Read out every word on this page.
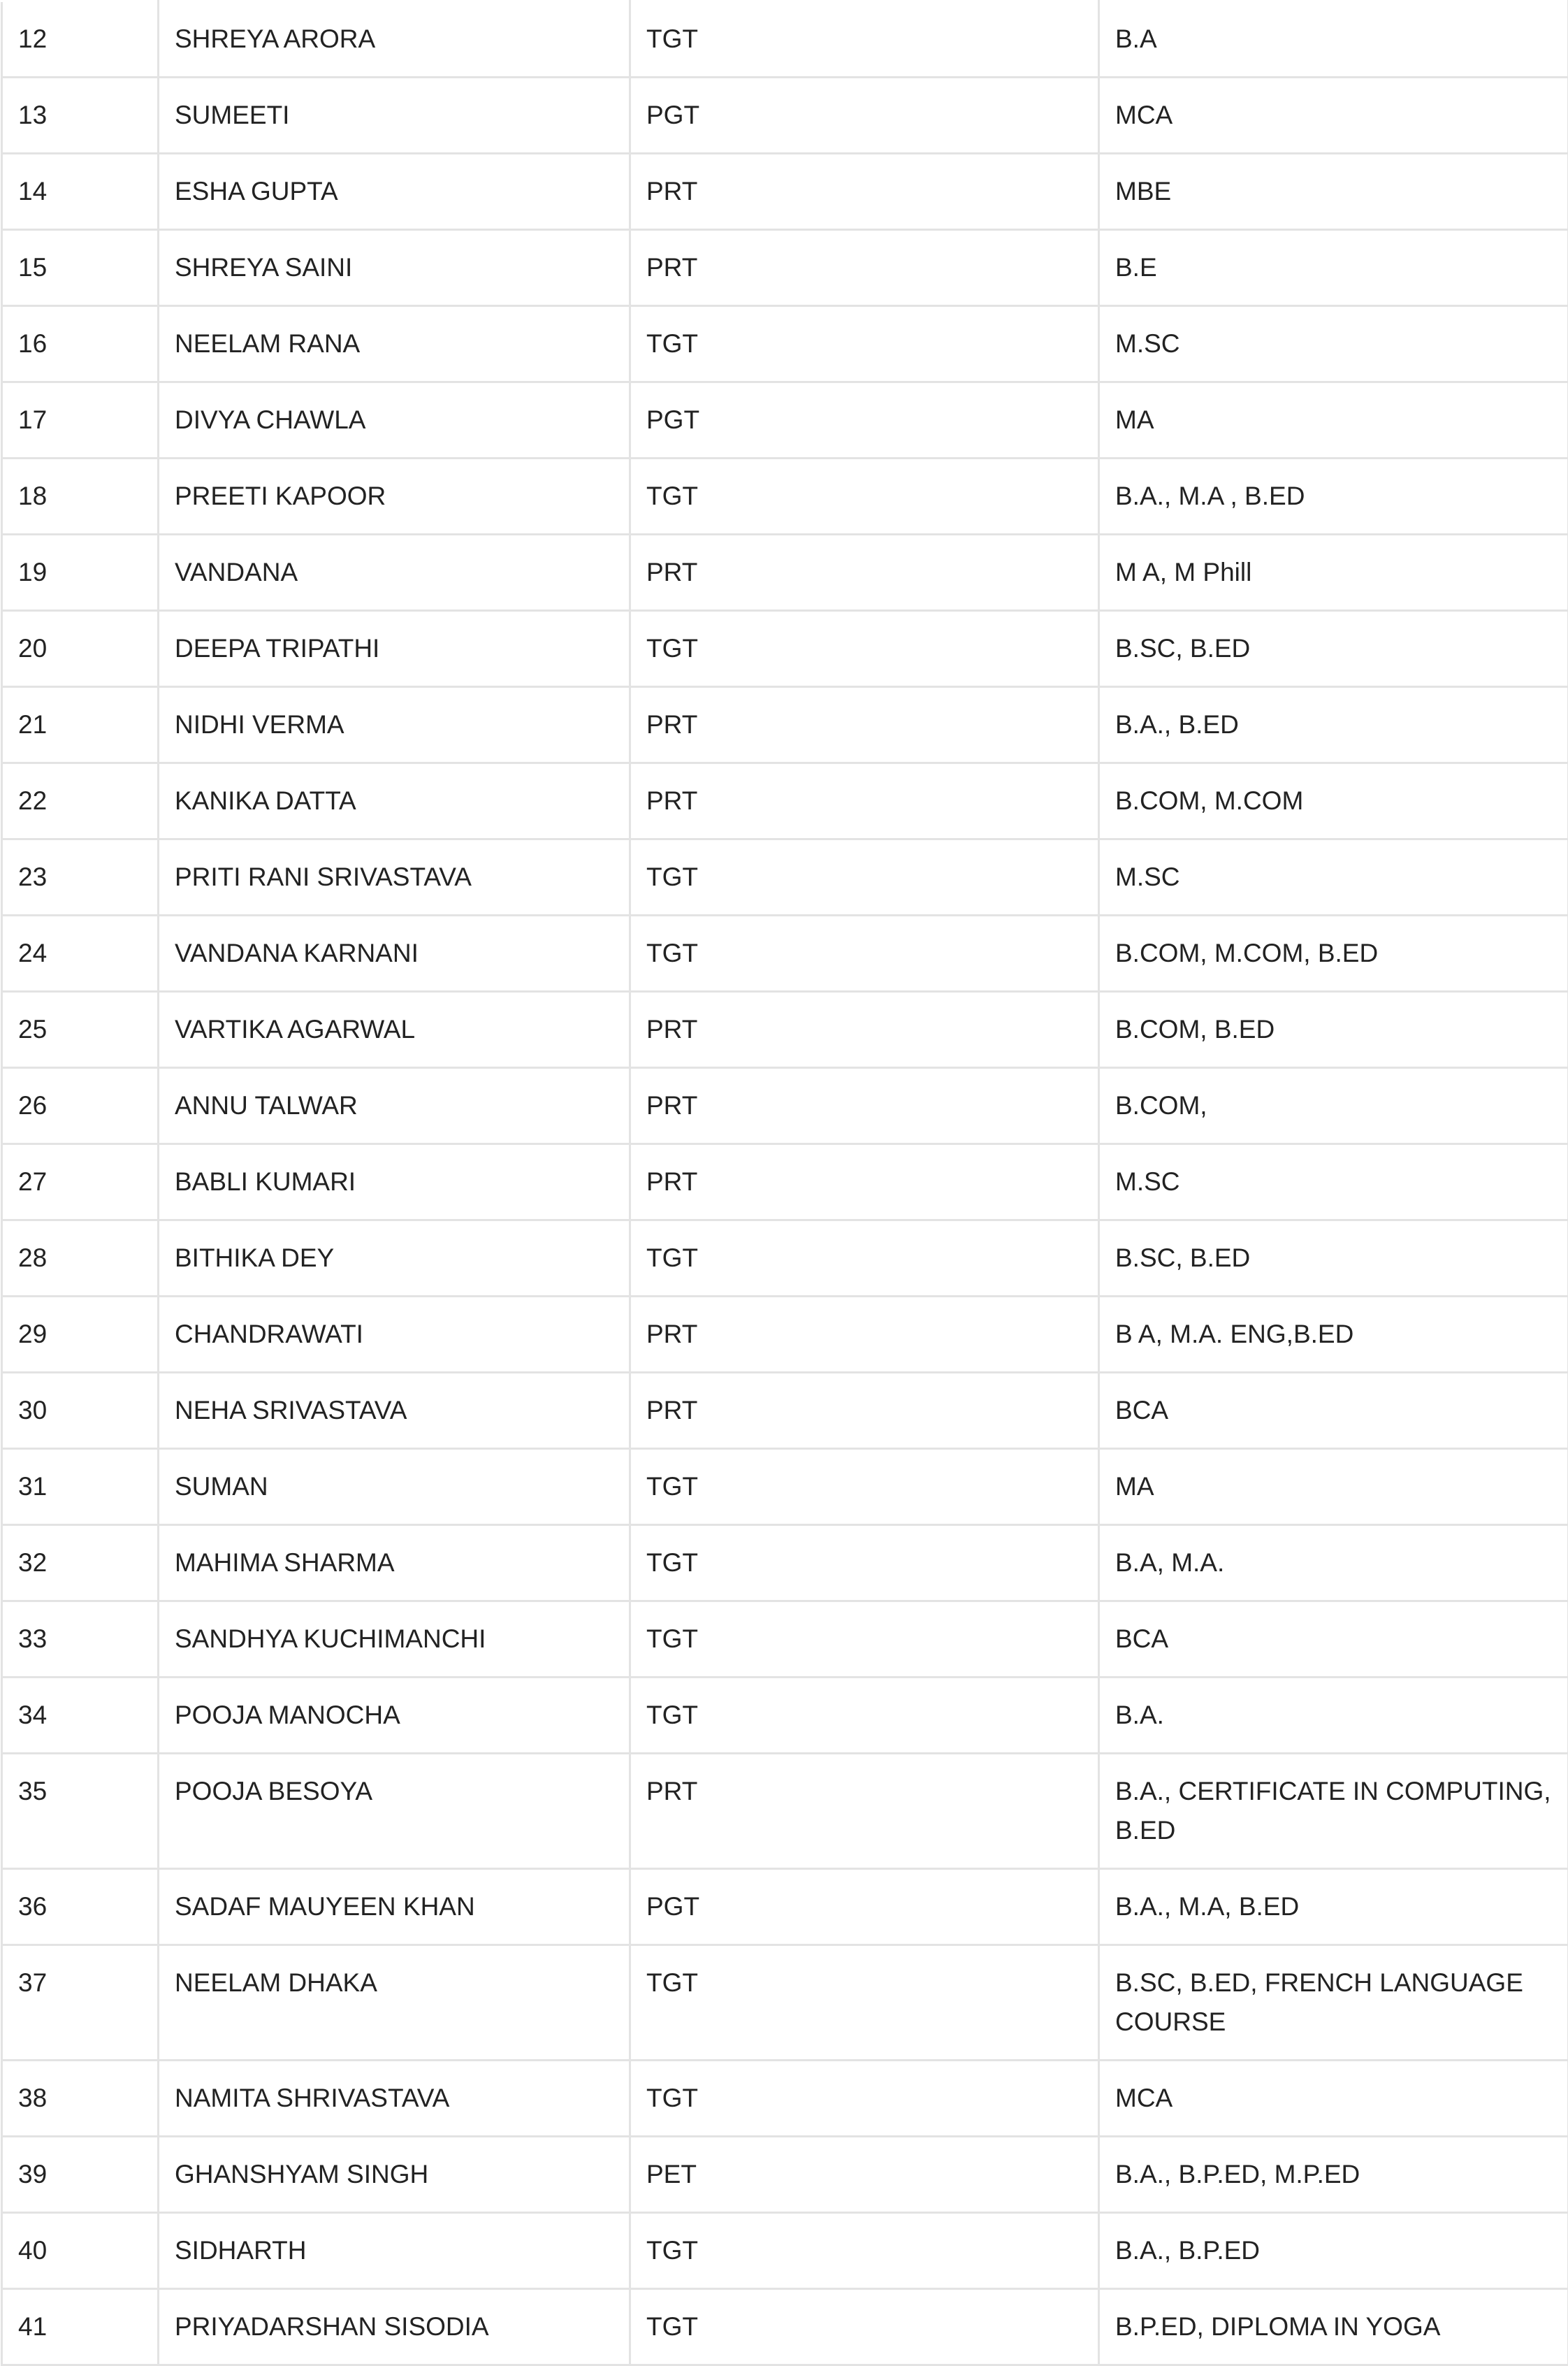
12	SHREYA ARORA	TGT	B.A
13	SUMEETI	PGT	MCA
14	ESHA GUPTA	PRT	MBE
15	SHREYA SAINI	PRT	B.E
16	NEELAM RANA	TGT	M.SC
17	DIVYA CHAWLA	PGT	MA
18	PREETI KAPOOR	TGT	B.A., M.A , B.ED
19	VANDANA	PRT	M A, M Phill
20	DEEPA TRIPATHI	TGT	B.SC, B.ED
21	NIDHI VERMA	PRT	B.A., B.ED
22	KANIKA DATTA	PRT	B.COM, M.COM
23	PRITI RANI SRIVASTAVA	TGT	M.SC
24	VANDANA KARNANI	TGT	B.COM, M.COM, B.ED
25	VARTIKA AGARWAL	PRT	B.COM, B.ED
26	ANNU TALWAR	PRT	B.COM,
27	BABLI KUMARI	PRT	M.SC
28	BITHIKA DEY	TGT	B.SC, B.ED
29	CHANDRAWATI	PRT	B A, M.A. ENG,B.ED
30	NEHA SRIVASTAVA	PRT	BCA
31	SUMAN	TGT	MA
32	MAHIMA SHARMA	TGT	B.A, M.A.
33	SANDHYA KUCHIMANCHI	TGT	BCA
34	POOJA MANOCHA	TGT	B.A.
35	POOJA BESOYA	PRT	B.A., CERTIFICATE IN COMPUTING, B.ED
36	SADAF MAUYEEN KHAN	PGT	B.A., M.A, B.ED
37	NEELAM DHAKA	TGT	B.SC, B.ED, FRENCH LANGUAGE COURSE
38	NAMITA SHRIVASTAVA	TGT	MCA
39	GHANSHYAM SINGH	PET	B.A., B.P.ED, M.P.ED
40	SIDHARTH	TGT	B.A., B.P.ED
41	PRIYADARSHAN SISODIA	TGT	B.P.ED, DIPLOMA IN YOGA
